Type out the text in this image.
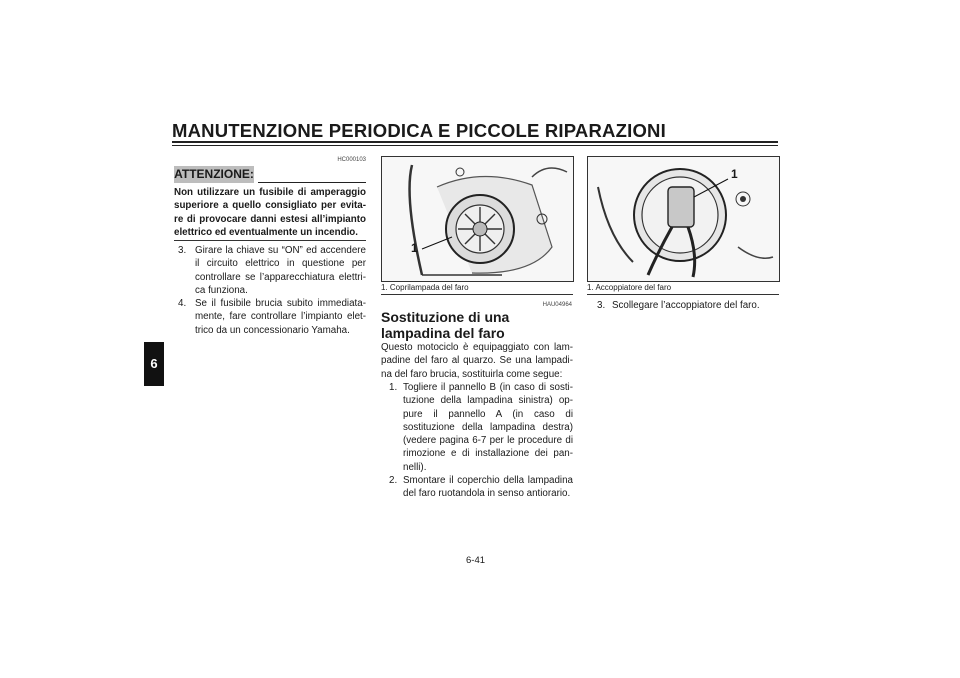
MANUTENZIONE PERIODICA E PICCOLE RIPARAZIONI
6
HC000103
ATTENZIONE:
Non utilizzare un fusibile di amperaggio superiore a quello consigliato per evita-re di provocare danni estesi all’impianto elettrico ed eventualmente un incendio.
3. Girare la chiave su “ON” ed accendere il circuito elettrico in questione per controllare se l’apparecchiatura elettri-ca funziona.
4. Se il fusibile brucia subito immediata-mente, fare controllare l’impianto elet-trico da un concessionario Yamaha.
1
1. Coprilampada del faro
HAU04964
Sostituzione di una lampadina del faro
Questo motociclo è equipaggiato con lam-padine del faro al quarzo. Se una lampadi-na del faro brucia, sostituirla come segue:
1. Togliere il pannello B (in caso di sosti-tuzione della lampadina sinistra) op-pure il pannello A (in caso di sostituzione della lampadina destra) (vedere pagina 6-7 per le procedure di rimozione e di installazione dei pan-nelli).
2. Smontare il coperchio della lampadina del faro ruotandola in senso antiorario.
1
1. Accoppiatore del faro
3. Scollegare l’accoppiatore del faro.
6-41
